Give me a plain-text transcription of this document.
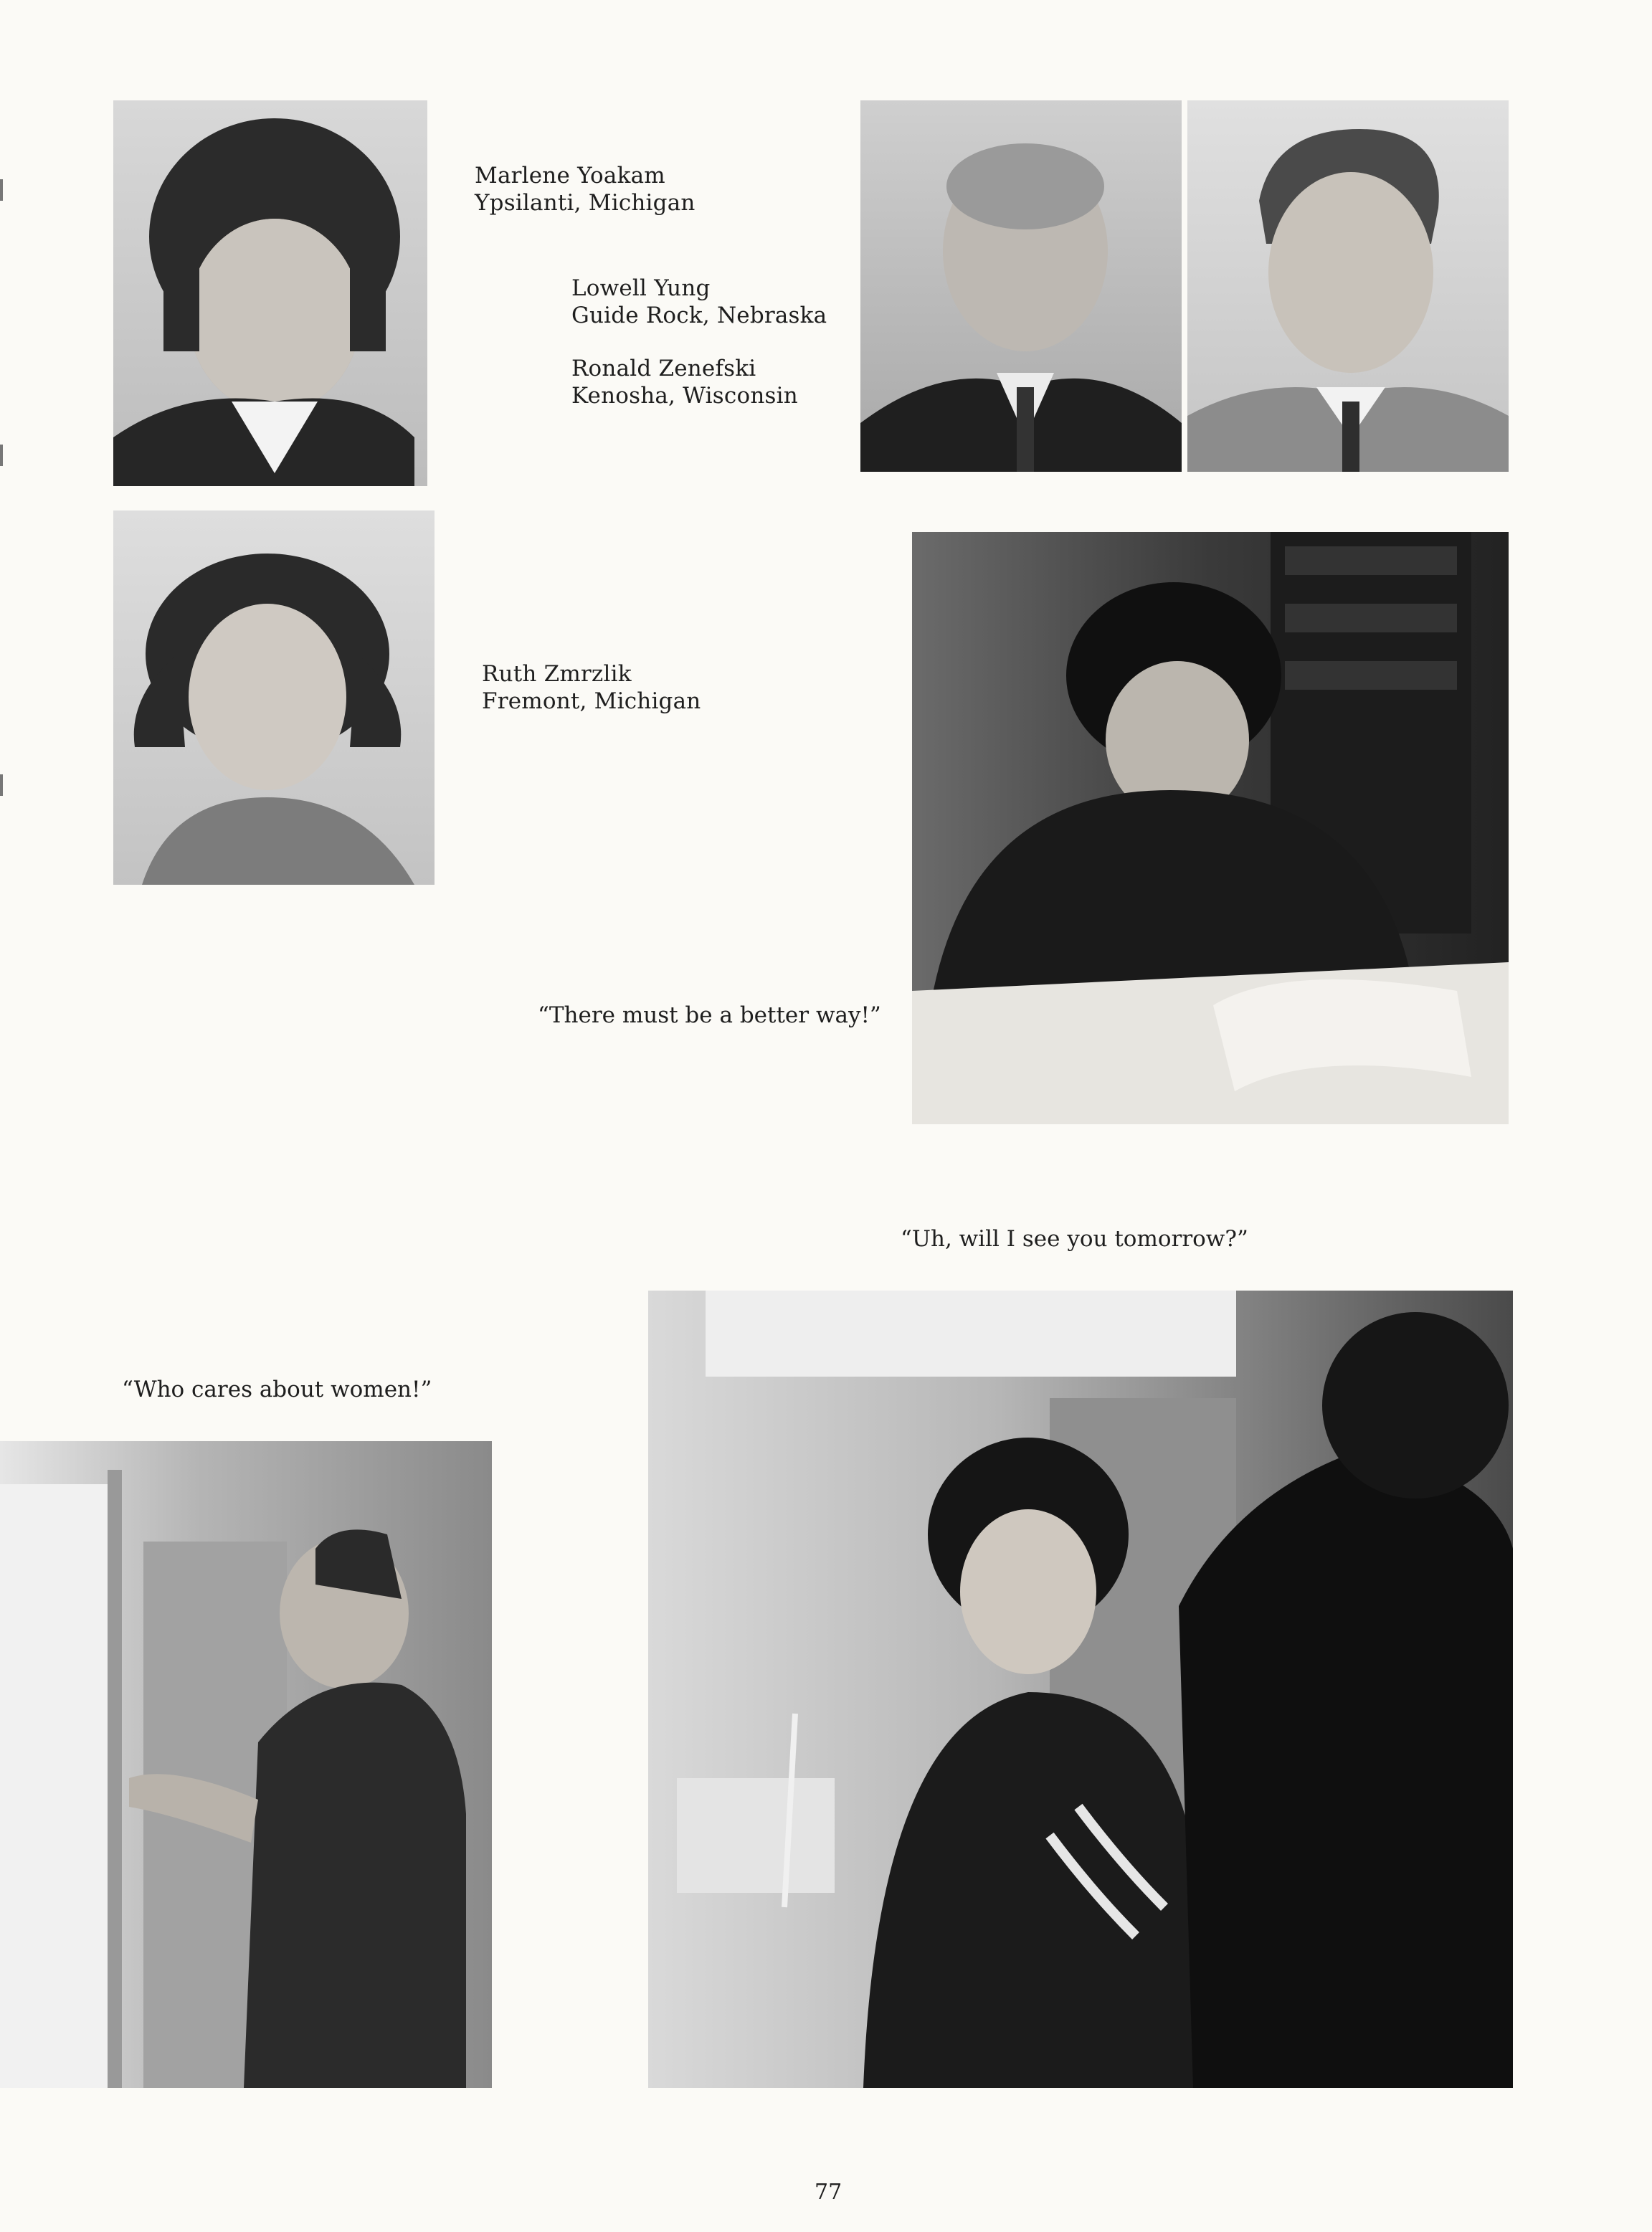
Marlene Yoakam
Ypsilanti, Michigan
Lowell Yung
Guide Rock, Nebraska
Ronald Zenefski
Kenosha, Wisconsin
Ruth Zmrzlik
Fremont, Michigan
“There must be a better way!”
“Uh, will I see you tomorrow?”
“Who cares about women!”
77
